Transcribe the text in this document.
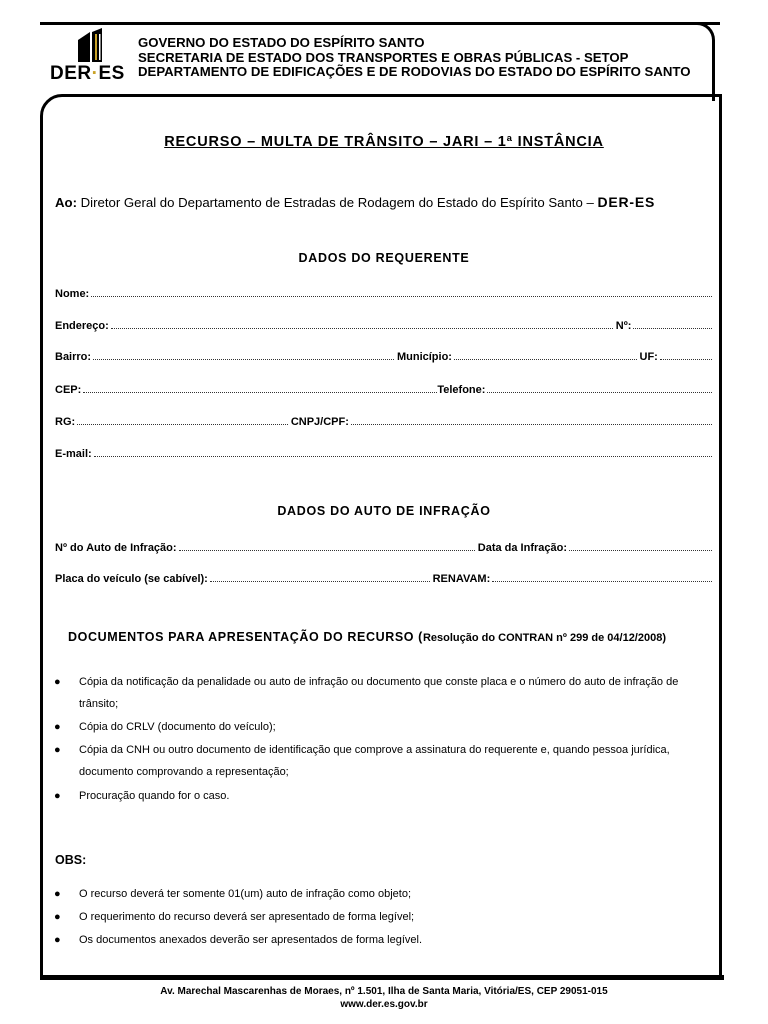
DER·ES
GOVERNO DO ESTADO DO ESPÍRITO SANTO
SECRETARIA DE ESTADO DOS TRANSPORTES E OBRAS PÚBLICAS - SETOP
DEPARTAMENTO DE EDIFICAÇÕES E DE RODOVIAS DO ESTADO DO ESPÍRITO SANTO
RECURSO – MULTA DE TRÂNSITO – JARI – 1ª INSTÂNCIA
Ao: Diretor Geral do Departamento de Estradas de Rodagem do Estado do Espírito Santo – DER-ES
DADOS DO REQUERENTE
Nome:
Endereço:	Nº:
Bairro:	Município:	UF:
CEP:	Telefone:
RG:	CNPJ/CPF:
E-mail:
DADOS DO AUTO DE INFRAÇÃO
Nº do Auto de Infração:	Data da Infração:
Placa do veículo (se cabível):	RENAVAM:
DOCUMENTOS PARA APRESENTAÇÃO DO RECURSO (Resolução do CONTRAN nº 299 de 04/12/2008)
● Cópia da notificação da penalidade ou auto de infração ou documento que conste placa e o número do auto de infração de trânsito;
● Cópia do CRLV (documento do veículo);
● Cópia da CNH ou outro documento de identificação que comprove a assinatura do requerente e, quando pessoa jurídica, documento comprovando a representação;
● Procuração quando for o caso.
OBS:
● O recurso deverá ter somente 01(um) auto de infração como objeto;
● O requerimento do recurso deverá ser apresentado de forma legível;
● Os documentos anexados deverão ser apresentados de forma legível.
Av. Marechal Mascarenhas de Moraes, nº 1.501, Ilha de Santa Maria, Vitória/ES, CEP 29051-015
www.der.es.gov.br
